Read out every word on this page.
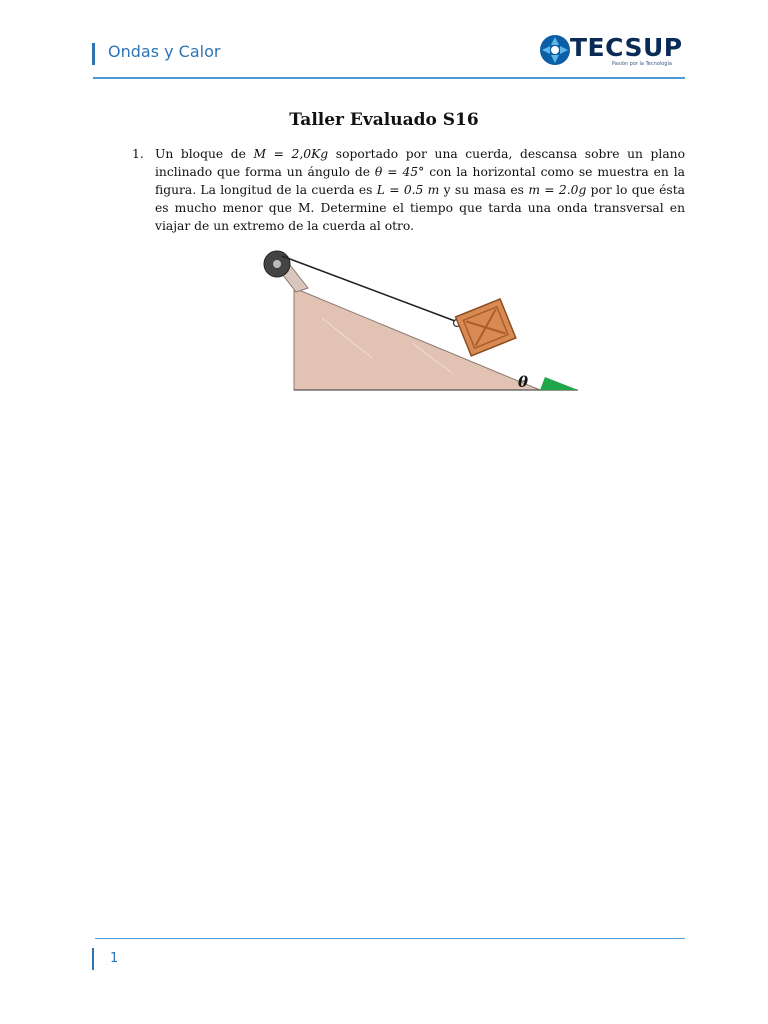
Ondas y Calor	TECSUP
Pasión por la Tecnología
Taller Evaluado S16
1. Un bloque de M = 2,0Kg soportado por una cuerda, descansa sobre un plano inclinado que forma un ángulo de θ = 45° con la horizontal como se muestra en la figura. La longitud de la cuerda es L = 0.5 m y su masa es m = 2.0g por lo que ésta es mucho menor que M. Determine el tiempo que tarda una onda transversal en viajar de un extremo de la cuerda al otro.
θ
1
